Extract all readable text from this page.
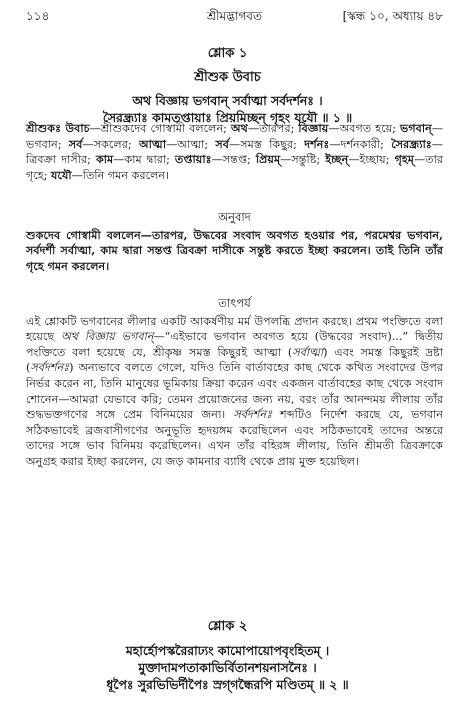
১১৪	শ্রীমদ্ভাগবত	[স্কন্ধ ১০, অধ্যায় ৪৮

শ্লোক ১

শ্রীশুক উবাচ

অথ বিজ্ঞায় ভগবান্ সর্বাত্মা সর্বদর্শনঃ ।

সৈরন্ধ্র্যাঃ কামতপ্তায়াঃ প্রিয়মিচ্ছন্ গৃহং যযৌ ॥ ১ ॥

শ্রীশুকঃ উবাচ—শ্রীশুকদেব গোস্বামী বললেন; অথ—তারপর; বিজ্ঞায়—অবগত হয়ে; ভগবান্—ভগবান; সর্ব—সকলের; আত্মা—আত্মা; সর্ব—সমস্ত কিছুর; দর্শনঃ—দর্শনকারী; সৈরন্ধ্র্যাঃ—ত্রিবক্রা দাসীর; কাম—কাম দ্বারা; তপ্তায়াঃ—সন্তপ্ত; প্রিয়ম্—সন্তুষ্টি; ইচ্ছন্—ইচ্ছায়; গৃহম্—তার গৃহে; যযৌ—তিনি গমন করলেন।

অনুবাদ

শুকদেব গোস্বামী বললেন—তারপর, উদ্ধবের সংবাদ অবগত হওয়ার পর, পরমেশ্বর ভগবান, সর্বদর্শী সর্বাত্মা, কাম দ্বারা সন্তপ্ত ত্রিবক্রা দাসীকে সন্তুষ্ট করতে ইচ্ছা করলেন। তাই তিনি তাঁর গৃহে গমন করলেন।

তাৎপর্য

এই শ্লোকটি ভগবানের লীলার একটি আকর্ষণীয় মর্ম উপলব্ধি প্রদান করছে। প্রথম পংক্তিতে বলা হয়েছে অথ বিজ্ঞায় ভগবান্—“এইভাবে ভগবান অবগত হয়ে (উদ্ধবের সংবাদ)...” দ্বিতীয় পংক্তিতে বলা হয়েছে যে, শ্রীকৃষ্ণ সমস্ত কিছুরই আত্মা (সর্বাত্মা) এবং সমস্ত কিছুরই দ্রষ্টা (সর্বদর্শনঃ) অন্যভাবে বলতে গেলে, যদিও তিনি বার্তাবহের কাছ থেকে কথিত সংবাদের উপর নির্ভর করেন না, তিনি মানুষের ভূমিকায় ক্রিয়া করেন এবং একজন বার্তাবহের কাছ থেকে সংবাদ শোনেন—আমরা যেভাবে করি; তেমন প্রয়োজনের জন্য নয়, বরং তাঁর আনন্দময় লীলায় তাঁর শুদ্ধভক্তগণের সঙ্গে প্রেম বিনিময়ের জন্য। সর্বদর্শনঃ শব্দটিও নির্দেশ করছে যে, ভগবান সঠিকভাবেই ব্রজবাসীগণের অনুভূতি হৃদয়ঙ্গম করেছিলেন এবং সঠিকভাবেই তাদের অন্তরে তাদের সঙ্গে ভাব বিনিময় করেছিলেন। এখন তাঁর বহিরঙ্গ লীলায়, তিনি শ্রীমতী ত্রিবক্রাকে অনুগ্রহ করার ইচ্ছা করলেন, যে জড় কামনার ব্যাধি থেকে প্রায় মুক্ত হয়েছিল।

শ্লোক ২

মহার্হোপস্করৈরাঢ্যং কামোপায়োপবৃংহিতম্ ।

মুক্তাদামপতাকাভির্বিতানশয়নাসনৈঃ ।

ধূপৈঃ সুরভিভির্দীপৈঃ স্রগ্‌গন্ধৈরপি মণ্ডিতম্ ॥ ২ ॥
